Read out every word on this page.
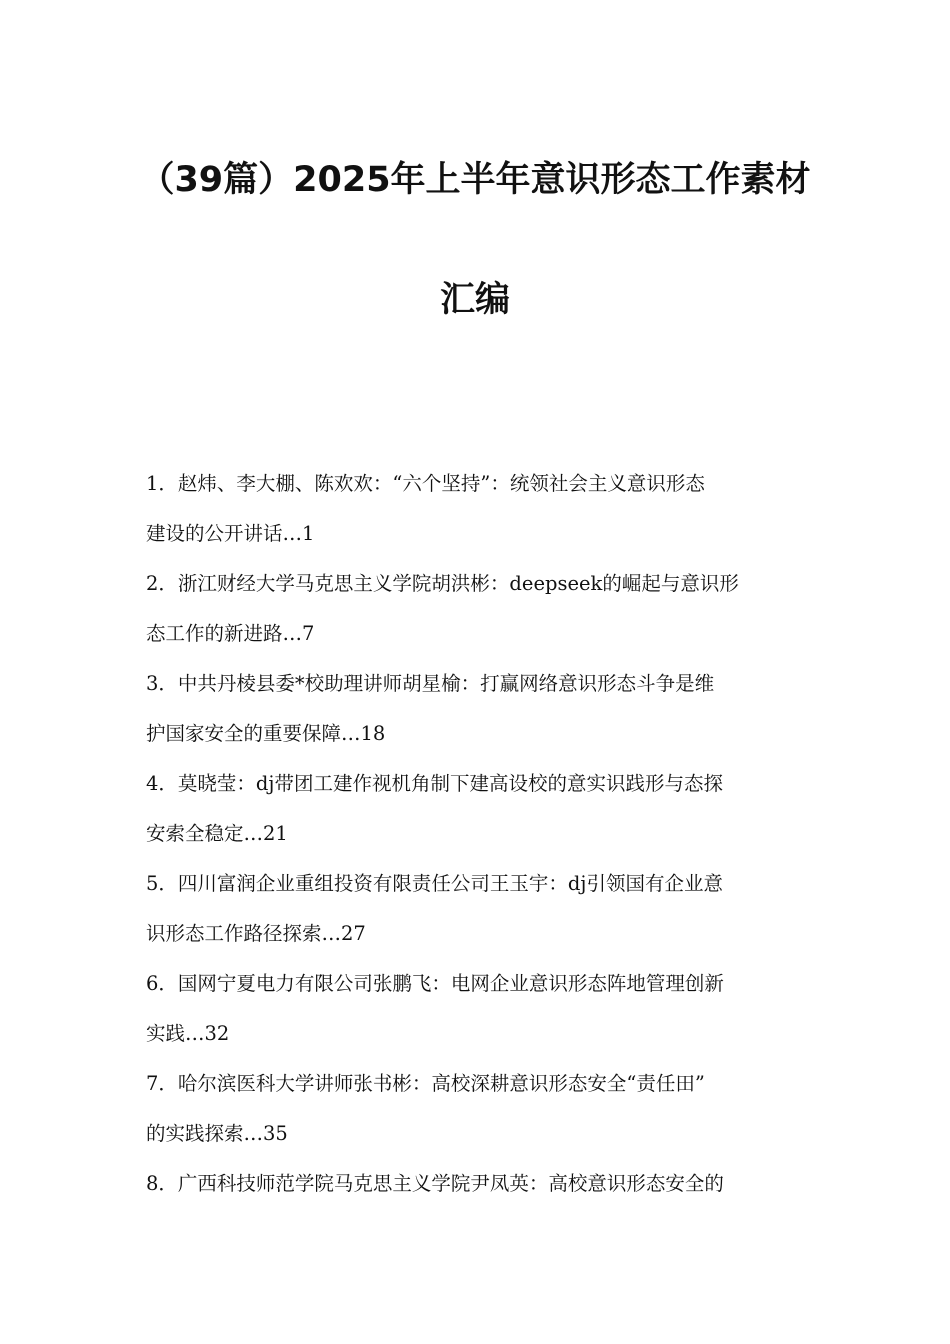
（39篇）2025年上半年意识形态工作素材
汇编
1．赵炜、李大棚、陈欢欢：“六个坚持”：统领社会主义意识形态
建设的公开讲话…1
2．浙江财经大学马克思主义学院胡洪彬：deepseek的崛起与意识形
态工作的新进路…7
3．中共丹棱县委*校助理讲师胡星榆：打赢网络意识形态斗争是维
护国家安全的重要保障…18
4．莫晓莹：dj带团工建作视机角制下建高设校的意实识践形与态探
安索全稳定…21
5．四川富润企业重组投资有限责任公司王玉宇：dj引领国有企业意
识形态工作路径探索…27
6．国网宁夏电力有限公司张鹏飞：电网企业意识形态阵地管理创新
实践…32
7．哈尔滨医科大学讲师张书彬：高校深耕意识形态安全“责任田”
的实践探索…35
8．广西科技师范学院马克思主义学院尹凤英：高校意识形态安全的
